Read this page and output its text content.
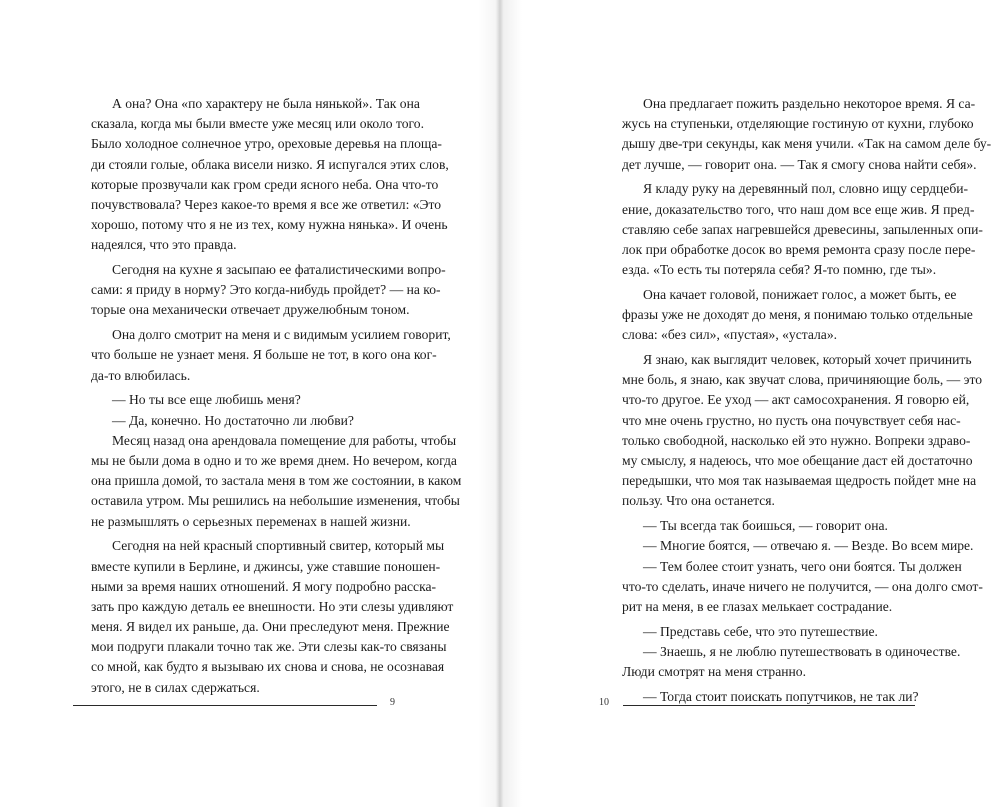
А она? Она «по характеру не была нянькой». Так она
сказала, когда мы были вместе уже месяц или около того.
Было холодное солнечное утро, ореховые деревья на площа-
ди стояли голые, облака висели низко. Я испугался этих слов,
которые прозвучали как гром среди ясного неба. Она что-то
почувствовала? Через какое-то время я все же ответил: «Это
хорошо, потому что я не из тех, кому нужна нянька». И очень
надеялся, что это правда.
Сегодня на кухне я засыпаю ее фаталистическими вопро-
сами: я приду в норму? Это когда-нибудь пройдет? — на ко-
торые она механически отвечает дружелюбным тоном.
Она долго смотрит на меня и с видимым усилием говорит,
что больше не узнает меня. Я больше не тот, в кого она ког-
да-то влюбилась.
— Но ты все еще любишь меня?
— Да, конечно. Но достаточно ли любви?
Месяц назад она арендовала помещение для работы, чтобы
мы не были дома в одно и то же время днем. Но вечером, когда
она пришла домой, то застала меня в том же состоянии, в каком
оставила утром. Мы решились на небольшие изменения, чтобы
не размышлять о серьезных переменах в нашей жизни.
Сегодня на ней красный спортивный свитер, который мы
вместе купили в Берлине, и джинсы, уже ставшие поношен-
ными за время наших отношений. Я могу подробно расска-
зать про каждую деталь ее внешности. Но эти слезы удивляют
меня. Я видел их раньше, да. Они преследуют меня. Прежние
мои подруги плакали точно так же. Эти слезы как-то связаны
со мной, как будто я вызываю их снова и снова, не осознавая
этого, не в силах сдержаться.
9
Она предлагает пожить раздельно некоторое время. Я са-
жусь на ступеньки, отделяющие гостиную от кухни, глубоко
дышу две-три секунды, как меня учили. «Так на самом деле бу-
дет лучше, — говорит она. — Так я смогу снова найти себя».
Я кладу руку на деревянный пол, словно ищу сердцеби-
ение, доказательство того, что наш дом все еще жив. Я пред-
ставляю себе запах нагревшейся древесины, запыленных опи-
лок при обработке досок во время ремонта сразу после пере-
езда. «То есть ты потеряла себя? Я-то помню, где ты».
Она качает головой, понижает голос, а может быть, ее
фразы уже не доходят до меня, я понимаю только отдельные
слова: «без сил», «пустая», «устала».
Я знаю, как выглядит человек, который хочет причинить
мне боль, я знаю, как звучат слова, причиняющие боль, — это
что-то другое. Ее уход — акт самосохранения. Я говорю ей,
что мне очень грустно, но пусть она почувствует себя нас-
только свободной, насколько ей это нужно. Вопреки здраво-
му смыслу, я надеюсь, что мое обещание даст ей достаточно
передышки, что моя так называемая щедрость пойдет мне на
пользу. Что она останется.
— Ты всегда так боишься, — говорит она.
— Многие боятся, — отвечаю я. — Везде. Во всем мире.
— Тем более стоит узнать, чего они боятся. Ты должен
что-то сделать, иначе ничего не получится, — она долго смот-
рит на меня, в ее глазах мелькает сострадание.
— Представь себе, что это путешествие.
— Знаешь, я не люблю путешествовать в одиночестве.
Люди смотрят на меня странно.
— Тогда стоит поискать попутчиков, не так ли?
10
